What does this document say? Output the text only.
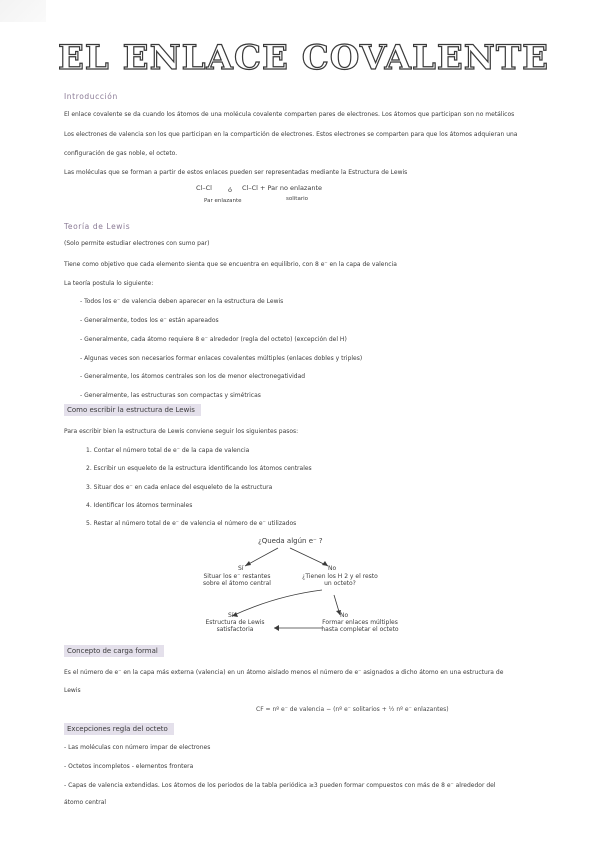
EL ENLACE COVALENTE
Introducción
El enlace covalente se da cuando los átomos de una molécula covalente comparten pares de electrones. Los átomos que participan son no metálicos
Los electrones de valencia son los que participan en la compartición de electrones. Estos electrones se comparten para que los átomos adquieran una
configuración de gas noble, el octeto.
Las moléculas que se forman a partir de estos enlaces pueden ser representadas mediante la Estructura de Lewis
Cl–Cl ó Cl–Cl + Par no enlazante
Par enlazante	solitario
Teoría de Lewis
(Solo permite estudiar electrones con sumo par)
Tiene como objetivo que cada elemento sienta que se encuentra en equilibrio, con 8 e⁻ en la capa de valencia
La teoría postula lo siguiente:
- Todos los e⁻ de valencia deben aparecer en la estructura de Lewis
- Generalmente, todos los e⁻ están apareados
- Generalmente, cada átomo requiere 8 e⁻ alrededor (regla del octeto) (excepción del H)
- Algunas veces son necesarios formar enlaces covalentes múltiples (enlaces dobles y triples)
- Generalmente, los átomos centrales son los de menor electronegatividad
- Generalmente, las estructuras son compactas y simétricas
Como escribir la estructura de Lewis
Para escribir bien la estructura de Lewis conviene seguir los siguientes pasos:
1. Contar el número total de e⁻ de la capa de valencia
2. Escribir un esqueleto de la estructura identificando los átomos centrales
3. Situar dos e⁻ en cada enlace del esqueleto de la estructura
4. Identificar los átomos terminales
5. Restar al número total de e⁻ de valencia el número de e⁻ utilizados
¿Queda algún e⁻ ?
Sí	No
Situar los e⁻ restantes sobre el átomo central
¿Tienen los H 2 y el resto un octeto?
Sí	No
Estructura de Lewis satisfactoria
Formar enlaces múltiples hasta completar el octeto
Concepto de carga formal
Es el número de e⁻ en la capa más externa (valencia) en un átomo aislado menos el número de e⁻ asignados a dicho átomo en una estructura de
Lewis
CF = nº e⁻ de valencia − (nº e⁻ solitarios + ½ nº e⁻ enlazantes)
Excepciones regla del octeto
- Las moléculas con número impar de electrones
- Octetos incompletos - elementos frontera
- Capas de valencia extendidas. Los átomos de los periodos de la tabla periódica ≥3 pueden formar compuestos con más de 8 e⁻ alrededor del
átomo central
